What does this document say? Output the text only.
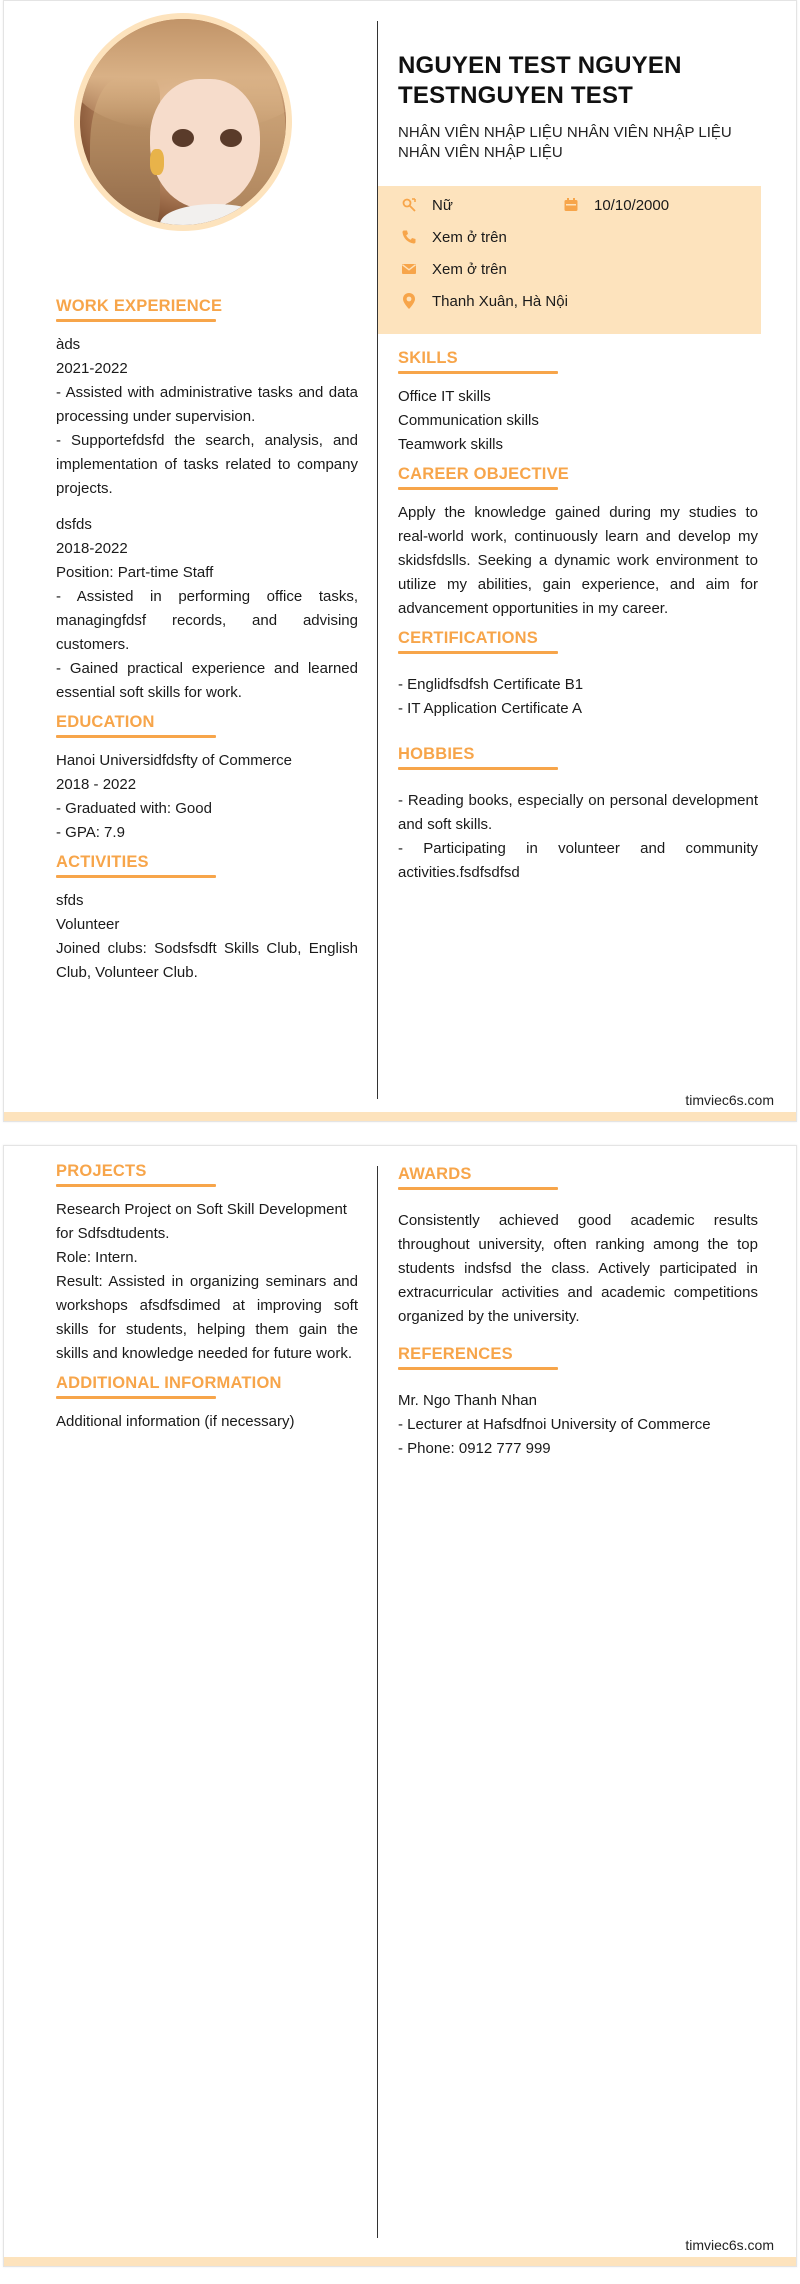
NGUYEN TEST NGUYEN TESTNGUYEN TEST
NHÂN VIÊN NHẬP LIỆU NHÂN VIÊN NHẬP LIỆU NHÂN VIÊN NHẬP LIỆU
Nữ	10/10/2000
Xem ở trên
Xem ở trên
Thanh Xuân, Hà Nội
WORK EXPERIENCE
àds
2021-2022
- Assisted with administrative tasks and data processing under supervision.
- Supportefdsfd the search, analysis, and implementation of tasks related to company projects.
dsfds
2018-2022
Position: Part-time Staff
- Assisted in performing office tasks, managingfdsf records, and advising customers.
- Gained practical experience and learned essential soft skills for work.
EDUCATION
Hanoi Universidfdsfty of Commerce
2018 - 2022
- Graduated with: Good
- GPA: 7.9
ACTIVITIES
sfds
Volunteer
Joined clubs: Sodsfsdft Skills Club, English Club, Volunteer Club.
SKILLS
Office IT skills
Communication skills
Teamwork skills
CAREER OBJECTIVE
Apply the knowledge gained during my studies to real-world work, continuously learn and develop my skidsfdslls. Seeking a dynamic work environment to utilize my abilities, gain experience, and aim for advancement opportunities in my career.
CERTIFICATIONS
- Englidfsdfsh Certificate B1
- IT Application Certificate A
HOBBIES
- Reading books, especially on personal development and soft skills.
- Participating in volunteer and community activities.fsdfsdfsd
timviec6s.com
PROJECTS
Research Project on Soft Skill Development for Sdfsdtudents.
Role: Intern.
Result: Assisted in organizing seminars and workshops afsdfsdimed at improving soft skills for students, helping them gain the skills and knowledge needed for future work.
ADDITIONAL INFORMATION
Additional information (if necessary)
AWARDS
Consistently achieved good academic results throughout university, often ranking among the top students indsfsd the class. Actively participated in extracurricular activities and academic competitions organized by the university.
REFERENCES
Mr. Ngo Thanh Nhan
- Lecturer at Hafsdfnoi University of Commerce
- Phone: 0912 777 999
timviec6s.com
